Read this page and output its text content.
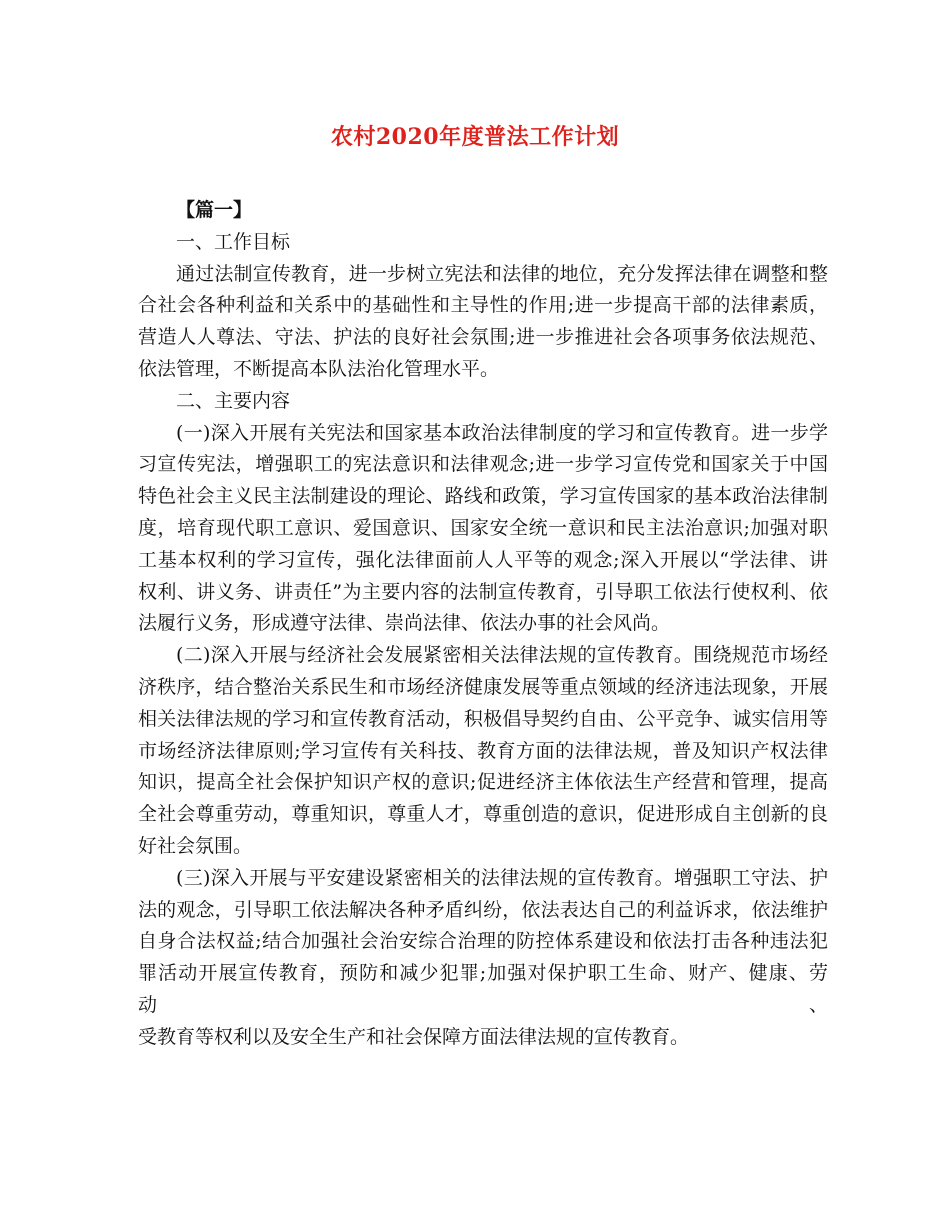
农村2020年度普法工作计划

【篇一】

一、工作目标

通过法制宣传教育，进一步树立宪法和法律的地位，充分发挥法律在调整和整

合社会各种利益和关系中的基础性和主导性的作用;进一步提高干部的法律素质，

营造人人尊法、守法、护法的良好社会氛围;进一步推进社会各项事务依法规范、

依法管理，不断提高本队法治化管理水平。

二、主要内容

(一)深入开展有关宪法和国家基本政治法律制度的学习和宣传教育。进一步学

习宣传宪法，增强职工的宪法意识和法律观念;进一步学习宣传党和国家关于中国

特色社会主义民主法制建设的理论、路线和政策，学习宣传国家的基本政治法律制

度，培育现代职工意识、爱国意识、国家安全统一意识和民主法治意识;加强对职

工基本权利的学习宣传，强化法律面前人人平等的观念;深入开展以“学法律、讲

权利、讲义务、讲责任”为主要内容的法制宣传教育，引导职工依法行使权利、依

法履行义务，形成遵守法律、崇尚法律、依法办事的社会风尚。

(二)深入开展与经济社会发展紧密相关法律法规的宣传教育。围绕规范市场经

济秩序，结合整治关系民生和市场经济健康发展等重点领域的经济违法现象，开展

相关法律法规的学习和宣传教育活动，积极倡导契约自由、公平竞争、诚实信用等

市场经济法律原则;学习宣传有关科技、教育方面的法律法规，普及知识产权法律

知识，提高全社会保护知识产权的意识;促进经济主体依法生产经营和管理，提高

全社会尊重劳动，尊重知识，尊重人才，尊重创造的意识，促进形成自主创新的良

好社会氛围。

(三)深入开展与平安建设紧密相关的法律法规的宣传教育。增强职工守法、护

法的观念，引导职工依法解决各种矛盾纠纷，依法表达自己的利益诉求，依法维护

自身合法权益;结合加强社会治安综合治理的防控体系建设和依法打击各种违法犯

罪活动开展宣传教育，预防和减少犯罪;加强对保护职工生命、财产、健康、劳动、

受教育等权利以及安全生产和社会保障方面法律法规的宣传教育。
